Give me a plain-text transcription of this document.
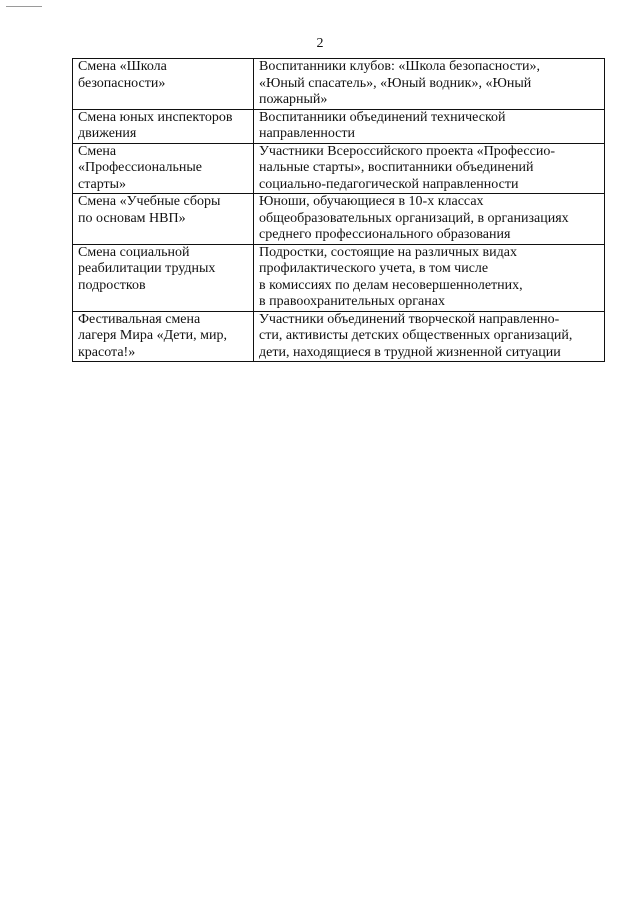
2
Смена «Школа
безопасности»	Воспитанники клубов: «Школа безопасности»,
«Юный спасатель», «Юный водник», «Юный
пожарный»

Смена юных инспекторов
движения	Воспитанники объединений технической
направленности

Смена
«Профессиональные
старты»	Участники Всероссийского проекта «Профессио-
нальные старты», воспитанники объединений
социально-педагогической направленности

Смена «Учебные сборы
по основам НВП»	Юноши, обучающиеся в 10-х классах
общеобразовательных организаций, в организациях
среднего профессионального образования

Смена социальной
реабилитации трудных
подростков	Подростки, состоящие на различных видах
профилактического учета, в том числе
в комиссиях по делам несовершеннолетних,
в правоохранительных органах

Фестивальная смена
лагеря Мира «Дети, мир,
красота!»	Участники объединений творческой направленно-
сти, активисты детских общественных организаций,
дети, находящиеся в трудной жизненной ситуации
